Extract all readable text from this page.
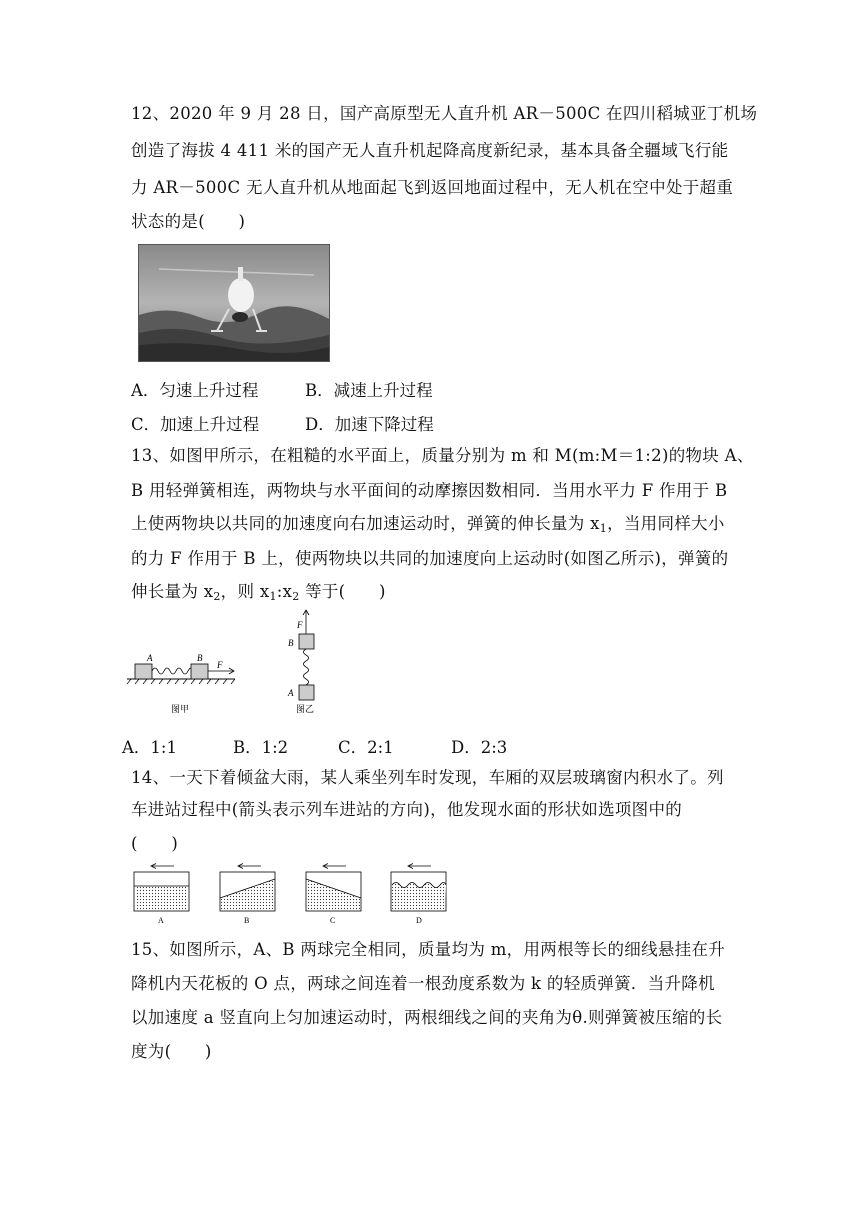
12、2020 年 9 月 28 日，国产高原型无人直升机 AR－500C 在四川稻城亚丁机场
创造了海拔 4 411 米的国产无人直升机起降高度新纪录，基本具备全疆域飞行能
力 AR－500C 无人直升机从地面起飞到返回地面过程中，无人机在空中处于超重
状态的是(　　)
A．匀速上升过程	B．减速上升过程
C．加速上升过程	D．加速下降过程
13、如图甲所示，在粗糙的水平面上，质量分别为 m 和 M(m:M＝1:2)的物块 A、
B 用轻弹簧相连，两物块与水平面间的动摩擦因数相同．当用水平力 F 作用于 B
上使两物块以共同的加速度向右加速运动时，弹簧的伸长量为 $x_1$，当用同样大小
的力 F 作用于 B 上，使两物块以共同的加速度向上运动时(如图乙所示)，弹簧的
伸长量为 $x_2$，则 $x_1:x_2$ 等于(　　)
A	B
F
图甲
F
B
A
图乙
A．1:1	B．1:2	C．2:1	D．2:3
14、一天下着倾盆大雨，某人乘坐列车时发现，车厢的双层玻璃窗内积水了。列
车进站过程中(箭头表示列车进站的方向)，他发现水面的形状如选项图中的
(　　)
A	B	C	D
15、如图所示，A、B 两球完全相同，质量均为 m，用两根等长的细线悬挂在升
降机内天花板的 O 点，两球之间连着一根劲度系数为 k 的轻质弹簧．当升降机
以加速度 a 竖直向上匀加速运动时，两根细线之间的夹角为θ.则弹簧被压缩的长
度为(　　)
